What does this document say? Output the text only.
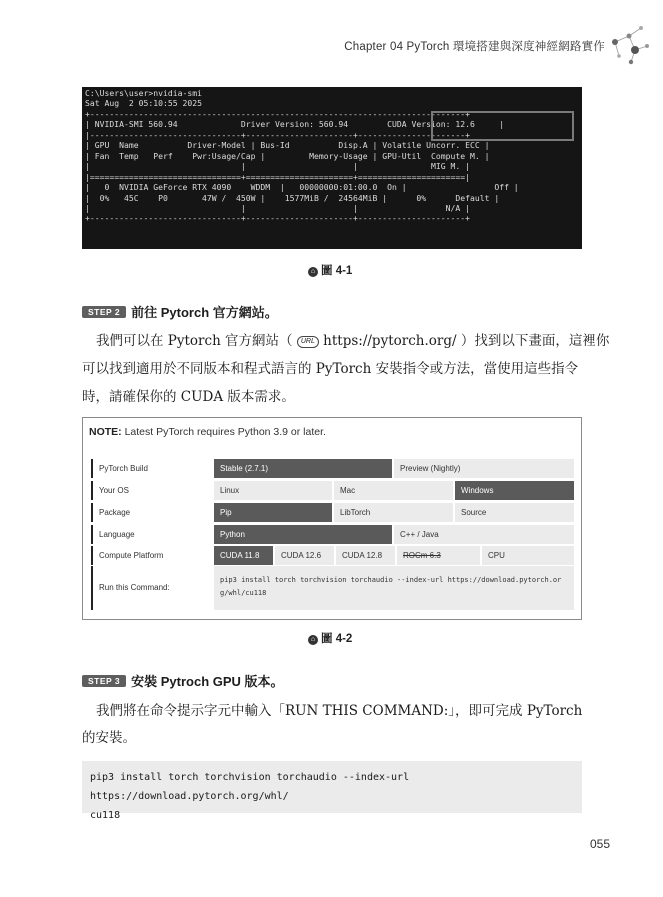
Chapter 04 PyTorch 環境搭建與深度神經網路實作
C:\Users\user>nvidia-smi
Sat Aug  2 05:10:55 2025
+-----------------------------------------------------------------------------+
| NVIDIA-SMI 560.94             Driver Version: 560.94        CUDA Version: 12.6     |
|-------------------------------+----------------------+----------------------+
| GPU  Name          Driver-Model | Bus-Id          Disp.A | Volatile Uncorr. ECC |
| Fan  Temp   Perf    Pwr:Usage/Cap |         Memory-Usage | GPU-Util  Compute M. |
|                               |                      |               MIG M. |
|===============================+======================+======================|
|   0  NVIDIA GeForce RTX 4090    WDDM  |   00000000:01:00.0  On |                  Off |
|  0%   45C    P0       47W /  450W |    1577MiB /  24564MiB |      0%      Default |
|                               |                      |                  N/A |
+-------------------------------+----------------------+----------------------+
⌂ 圖 4-1
STEP 2 前往 Pytorch 官方網站。
我們可以在 Pytorch 官方網站（ URL https://pytorch.org/ ）找到以下畫面，這裡你
可以找到適用於不同版本和程式語言的 PyTorch 安裝指令或方法，當使用這些指令
時，請確保你的 CUDA 版本需求。
NOTE: Latest PyTorch requires Python 3.9 or later.
PyTorch Build	Stable (2.7.1)	Preview (Nightly)
Your OS	Linux	Mac	Windows
Package	Pip	LibTorch	Source
Language	Python	C++ / Java
Compute Platform	CUDA 11.8	CUDA 12.6	CUDA 12.8	ROCm 6.3	CPU
Run this Command:
pip3 install torch torchvision torchaudio --index-url https://download.pytorch.or
g/whl/cu118
⌂ 圖 4-2
STEP 3 安裝 Pytroch GPU 版本。
我們將在命令提示字元中輸入「RUN THIS COMMAND:」，即可完成 PyTorch
的安裝。
pip3 install torch torchvision torchaudio --index-url https://download.pytorch.org/whl/
cu118
055
